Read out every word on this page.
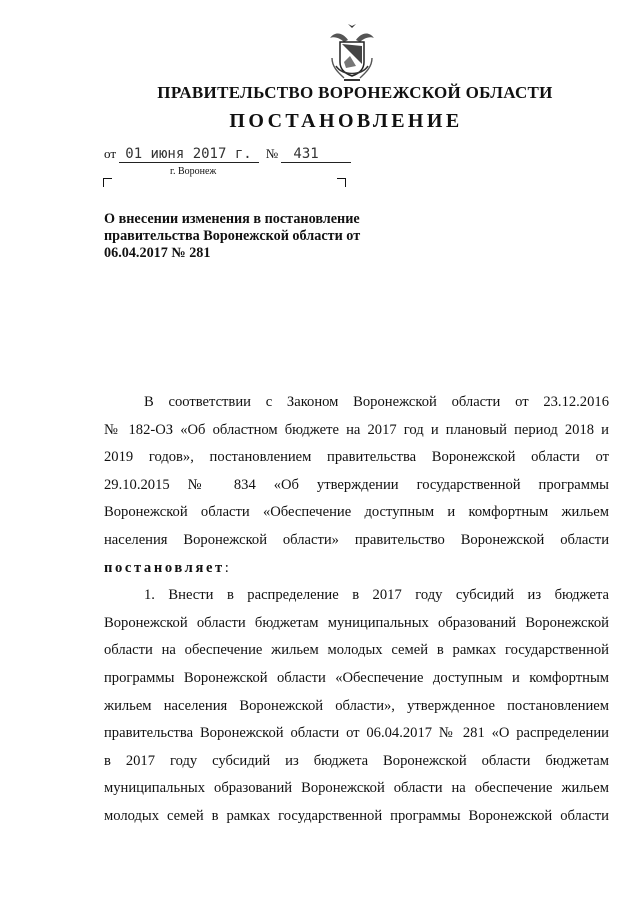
ПРАВИТЕЛЬСТВО ВОРОНЕЖСКОЙ ОБЛАСТИ
ПОСТАНОВЛЕНИЕ
от 01 июня 2017 г. № 431
г. Воронеж
О внесении изменения в постановление
правительства Воронежской области от
06.04.2017 № 281
В соответствии с Законом Воронежской области от 23.12.2016
№ 182-ОЗ «Об областном бюджете на 2017 год и плановый период 2018 и
2019 годов», постановлением правительства Воронежской области от
29.10.2015 № 834 «Об утверждении государственной программы
Воронежской области «Обеспечение доступным и комфортным жильем
населения Воронежской области» правительство Воронежской области
постановляет:
1. Внести в распределение в 2017 году субсидий из бюджета
Воронежской области бюджетам муниципальных образований Воронежской
области на обеспечение жильем молодых семей в рамках государственной
программы Воронежской области «Обеспечение доступным и комфортным
жильем населения Воронежской области», утвержденное постановлением
правительства Воронежской области от 06.04.2017 № 281 «О распределении
в 2017 году субсидий из бюджета Воронежской области бюджетам
муниципальных образований Воронежской области на обеспечение жильем
молодых семей в рамках государственной программы Воронежской области
